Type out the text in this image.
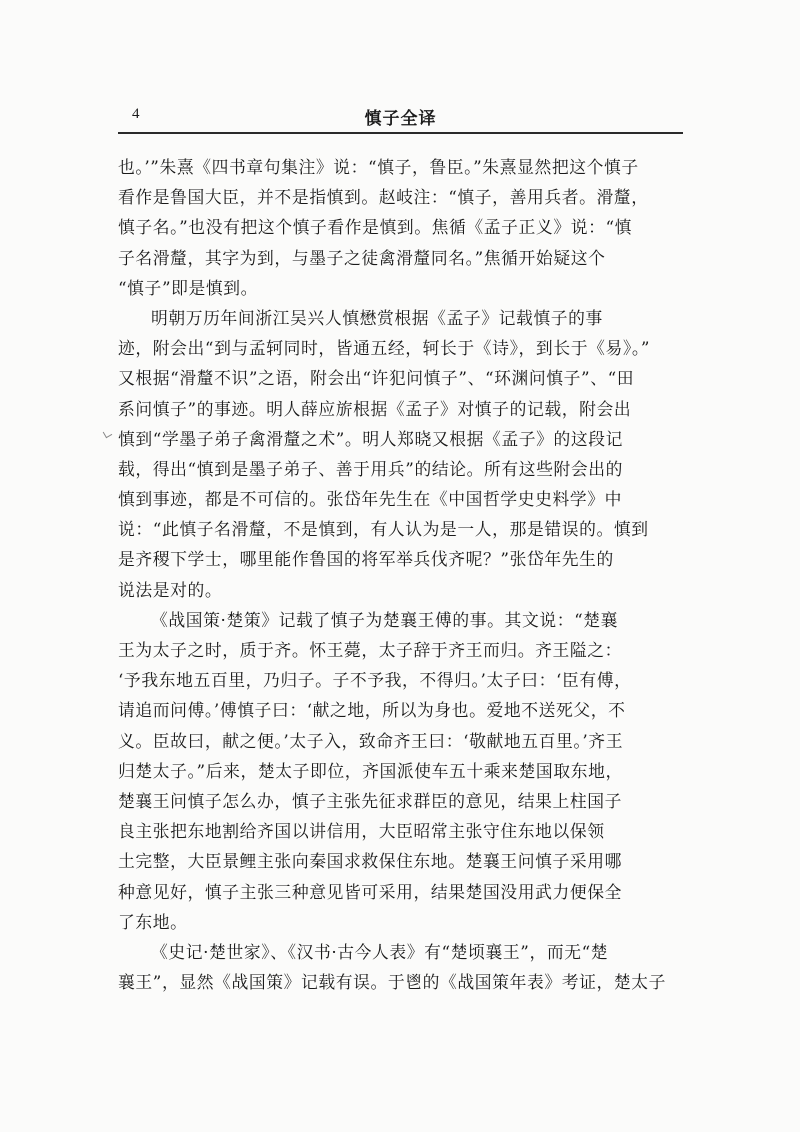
4	慎子全译
也。’”朱熹《四书章句集注》说：“慎子，鲁臣。”朱熹显然把这个慎子
看作是鲁国大臣，并不是指慎到。赵岐注：“慎子，善用兵者。滑釐，
慎子名。”也没有把这个慎子看作是慎到。焦循《孟子正义》说：“慎
子名滑釐，其字为到，与墨子之徒禽滑釐同名。”焦循开始疑这个
“慎子”即是慎到。
明朝万历年间浙江吴兴人慎懋赏根据《孟子》记载慎子的事
迹，附会出“到与孟轲同时，皆通五经，轲长于《诗》，到长于《易》。”
又根据“滑釐不识”之语，附会出“许犯问慎子”、“环渊问慎子”、“田
系问慎子”的事迹。明人薛应旂根据《孟子》对慎子的记载，附会出
慎到“学墨子弟子禽滑釐之术”。明人郑晓又根据《孟子》的这段记
载，得出“慎到是墨子弟子、善于用兵”的结论。所有这些附会出的
慎到事迹，都是不可信的。张岱年先生在《中国哲学史史料学》中
说：“此慎子名滑釐，不是慎到，有人认为是一人，那是错误的。慎到
是齐稷下学士，哪里能作鲁国的将军举兵伐齐呢？”张岱年先生的
说法是对的。
《战国策·楚策》记载了慎子为楚襄王傅的事。其文说：“楚襄
王为太子之时，质于齐。怀王薨，太子辞于齐王而归。齐王隘之：
‘予我东地五百里，乃归子。子不予我，不得归。’太子曰：‘臣有傅，
请追而问傅。’傅慎子曰：‘献之地，所以为身也。爱地不送死父，不
义。臣故曰，献之便。’太子入，致命齐王曰：‘敬献地五百里。’齐王
归楚太子。”后来，楚太子即位，齐国派使车五十乘来楚国取东地，
楚襄王问慎子怎么办，慎子主张先征求群臣的意见，结果上柱国子
良主张把东地割给齐国以讲信用，大臣昭常主张守住东地以保领
土完整，大臣景鲤主张向秦国求救保住东地。楚襄王问慎子采用哪
种意见好，慎子主张三种意见皆可采用，结果楚国没用武力便保全
了东地。
《史记·楚世家》、《汉书·古今人表》有“楚顷襄王”，而无“楚
襄王”，显然《战国策》记载有误。于鬯的《战国策年表》考证，楚太子
